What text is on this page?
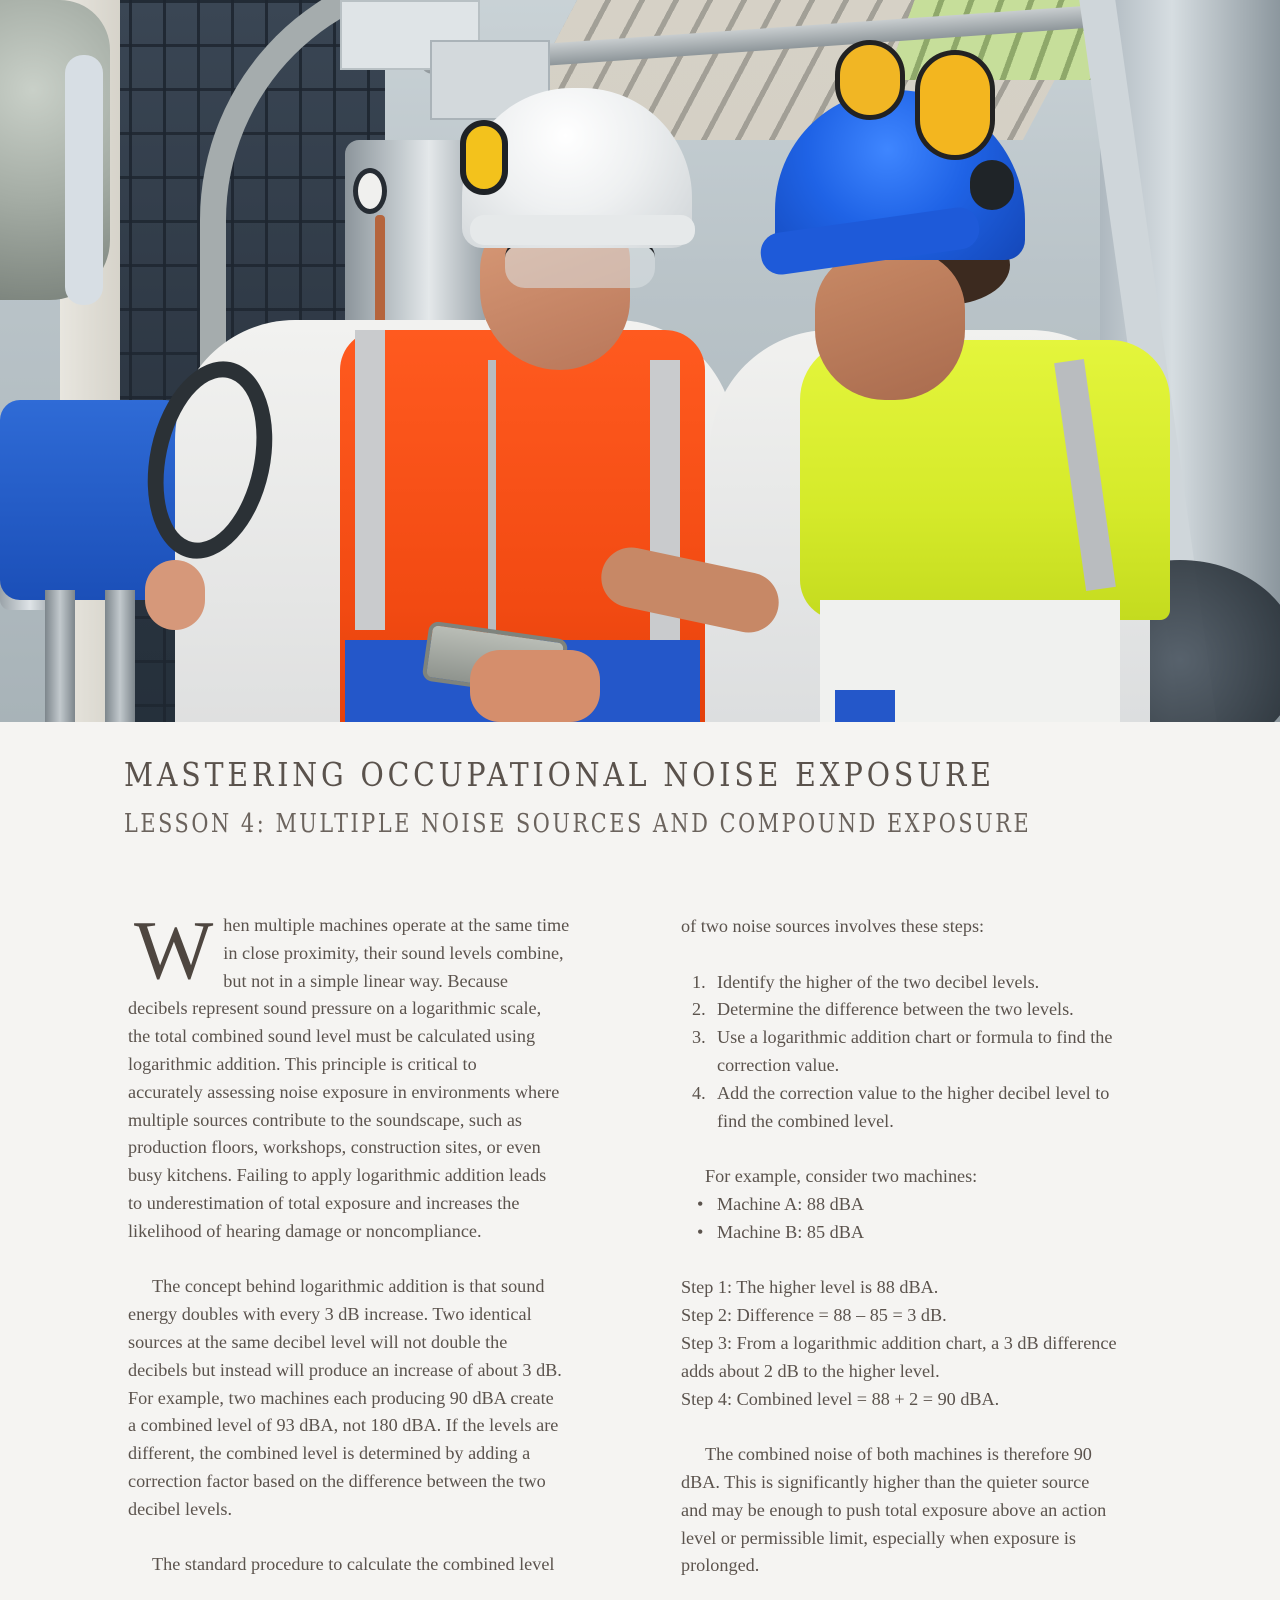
MASTERING OCCUPATIONAL NOISE EXPOSURE
LESSON 4: MULTIPLE NOISE SOURCES AND COMPOUND EXPOSURE
W hen multiple machines operate at the same time
in close proximity, their sound levels combine,
but not in a simple linear way. Because
decibels represent sound pressure on a logarithmic scale,
the total combined sound level must be calculated using
logarithmic addition. This principle is critical to
accurately assessing noise exposure in environments where
multiple sources contribute to the soundscape, such as
production floors, workshops, construction sites, or even
busy kitchens. Failing to apply logarithmic addition leads
to underestimation of total exposure and increases the
likelihood of hearing damage or noncompliance.
The concept behind logarithmic addition is that sound
energy doubles with every 3 dB increase. Two identical
sources at the same decibel level will not double the
decibels but instead will produce an increase of about 3 dB.
For example, two machines each producing 90 dBA create
a combined level of 93 dBA, not 180 dBA. If the levels are
different, the combined level is determined by adding a
correction factor based on the difference between the two
decibel levels.
The standard procedure to calculate the combined level
of two noise sources involves these steps:
1. Identify the higher of the two decibel levels.
2. Determine the difference between the two levels.
3. Use a logarithmic addition chart or formula to find the
correction value.
4. Add the correction value to the higher decibel level to
find the combined level.
For example, consider two machines:
• Machine A: 88 dBA
• Machine B: 85 dBA
Step 1: The higher level is 88 dBA.
Step 2: Difference = 88 – 85 = 3 dB.
Step 3: From a logarithmic addition chart, a 3 dB difference
adds about 2 dB to the higher level.
Step 4: Combined level = 88 + 2 = 90 dBA.
The combined noise of both machines is therefore 90
dBA. This is significantly higher than the quieter source
and may be enough to push total exposure above an action
level or permissible limit, especially when exposure is
prolonged.
